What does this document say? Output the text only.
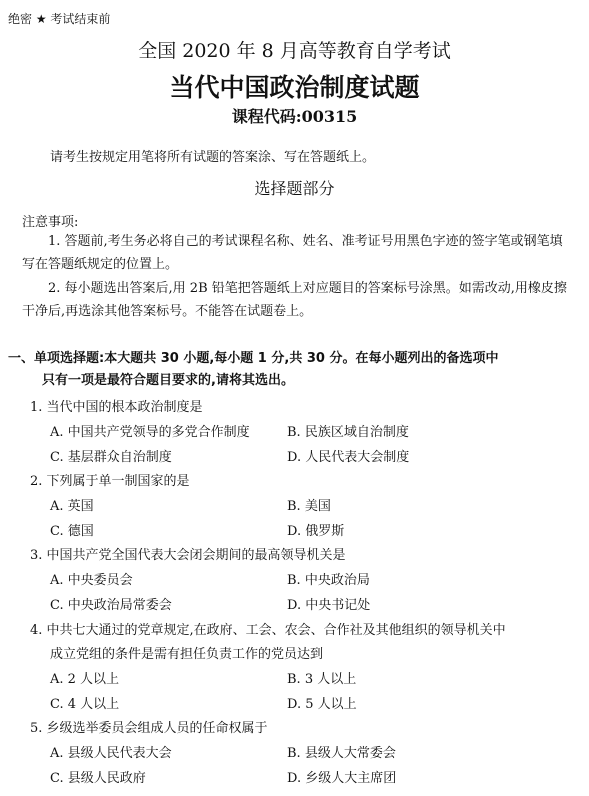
绝密 ★ 考试结束前
全国 2020 年 8 月高等教育自学考试
当代中国政治制度试题
课程代码:00315
请考生按规定用笔将所有试题的答案涂、写在答题纸上。
选择题部分
注意事项:
1. 答题前,考生务必将自己的考试课程名称、姓名、准考证号用黑色字迹的签字笔或钢笔填写在答题纸规定的位置上。
2. 每小题选出答案后,用 2B 铅笔把答题纸上对应题目的答案标号涂黑。如需改动,用橡皮擦干净后,再选涂其他答案标号。不能答在试题卷上。
一、单项选择题:本大题共 30 小题,每小题 1 分,共 30 分。在每小题列出的备选项中
只有一项是最符合题目要求的,请将其选出。
1. 当代中国的根本政治制度是
A. 中国共产党领导的多党合作制度	B. 民族区域自治制度
C. 基层群众自治制度	D. 人民代表大会制度
2. 下列属于单一制国家的是
A. 英国	B. 美国
C. 德国	D. 俄罗斯
3. 中国共产党全国代表大会闭会期间的最高领导机关是
A. 中央委员会	B. 中央政治局
C. 中央政治局常委会	D. 中央书记处
4. 中共七大通过的党章规定,在政府、工会、农会、合作社及其他组织的领导机关中
成立党组的条件是需有担任负责工作的党员达到
A. 2 人以上	B. 3 人以上
C. 4 人以上	D. 5 人以上
5. 乡级选举委员会组成人员的任命权属于
A. 县级人民代表大会	B. 县级人大常委会
C. 县级人民政府	D. 乡级人大主席团
